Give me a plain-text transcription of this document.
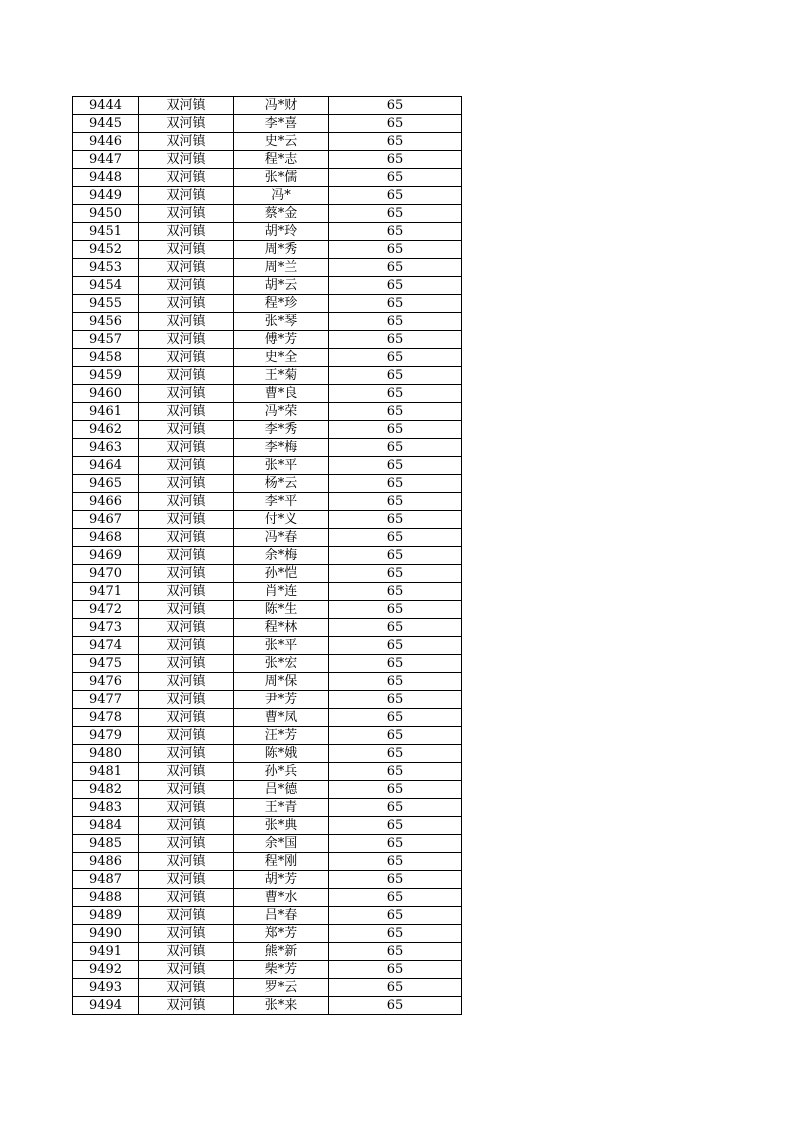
9444	双河镇	冯*财	65
9445	双河镇	李*喜	65
9446	双河镇	史*云	65
9447	双河镇	程*志	65
9448	双河镇	张*儒	65
9449	双河镇	冯*	65
9450	双河镇	蔡*金	65
9451	双河镇	胡*玲	65
9452	双河镇	周*秀	65
9453	双河镇	周*兰	65
9454	双河镇	胡*云	65
9455	双河镇	程*珍	65
9456	双河镇	张*琴	65
9457	双河镇	傅*芳	65
9458	双河镇	史*全	65
9459	双河镇	王*菊	65
9460	双河镇	曹*良	65
9461	双河镇	冯*荣	65
9462	双河镇	李*秀	65
9463	双河镇	李*梅	65
9464	双河镇	张*平	65
9465	双河镇	杨*云	65
9466	双河镇	李*平	65
9467	双河镇	付*义	65
9468	双河镇	冯*春	65
9469	双河镇	余*梅	65
9470	双河镇	孙*恺	65
9471	双河镇	肖*连	65
9472	双河镇	陈*生	65
9473	双河镇	程*林	65
9474	双河镇	张*平	65
9475	双河镇	张*宏	65
9476	双河镇	周*保	65
9477	双河镇	尹*芳	65
9478	双河镇	曹*凤	65
9479	双河镇	汪*芳	65
9480	双河镇	陈*娥	65
9481	双河镇	孙*兵	65
9482	双河镇	吕*德	65
9483	双河镇	王*青	65
9484	双河镇	张*典	65
9485	双河镇	余*国	65
9486	双河镇	程*刚	65
9487	双河镇	胡*芳	65
9488	双河镇	曹*水	65
9489	双河镇	吕*春	65
9490	双河镇	郑*芳	65
9491	双河镇	熊*新	65
9492	双河镇	柴*芳	65
9493	双河镇	罗*云	65
9494	双河镇	张*来	65
